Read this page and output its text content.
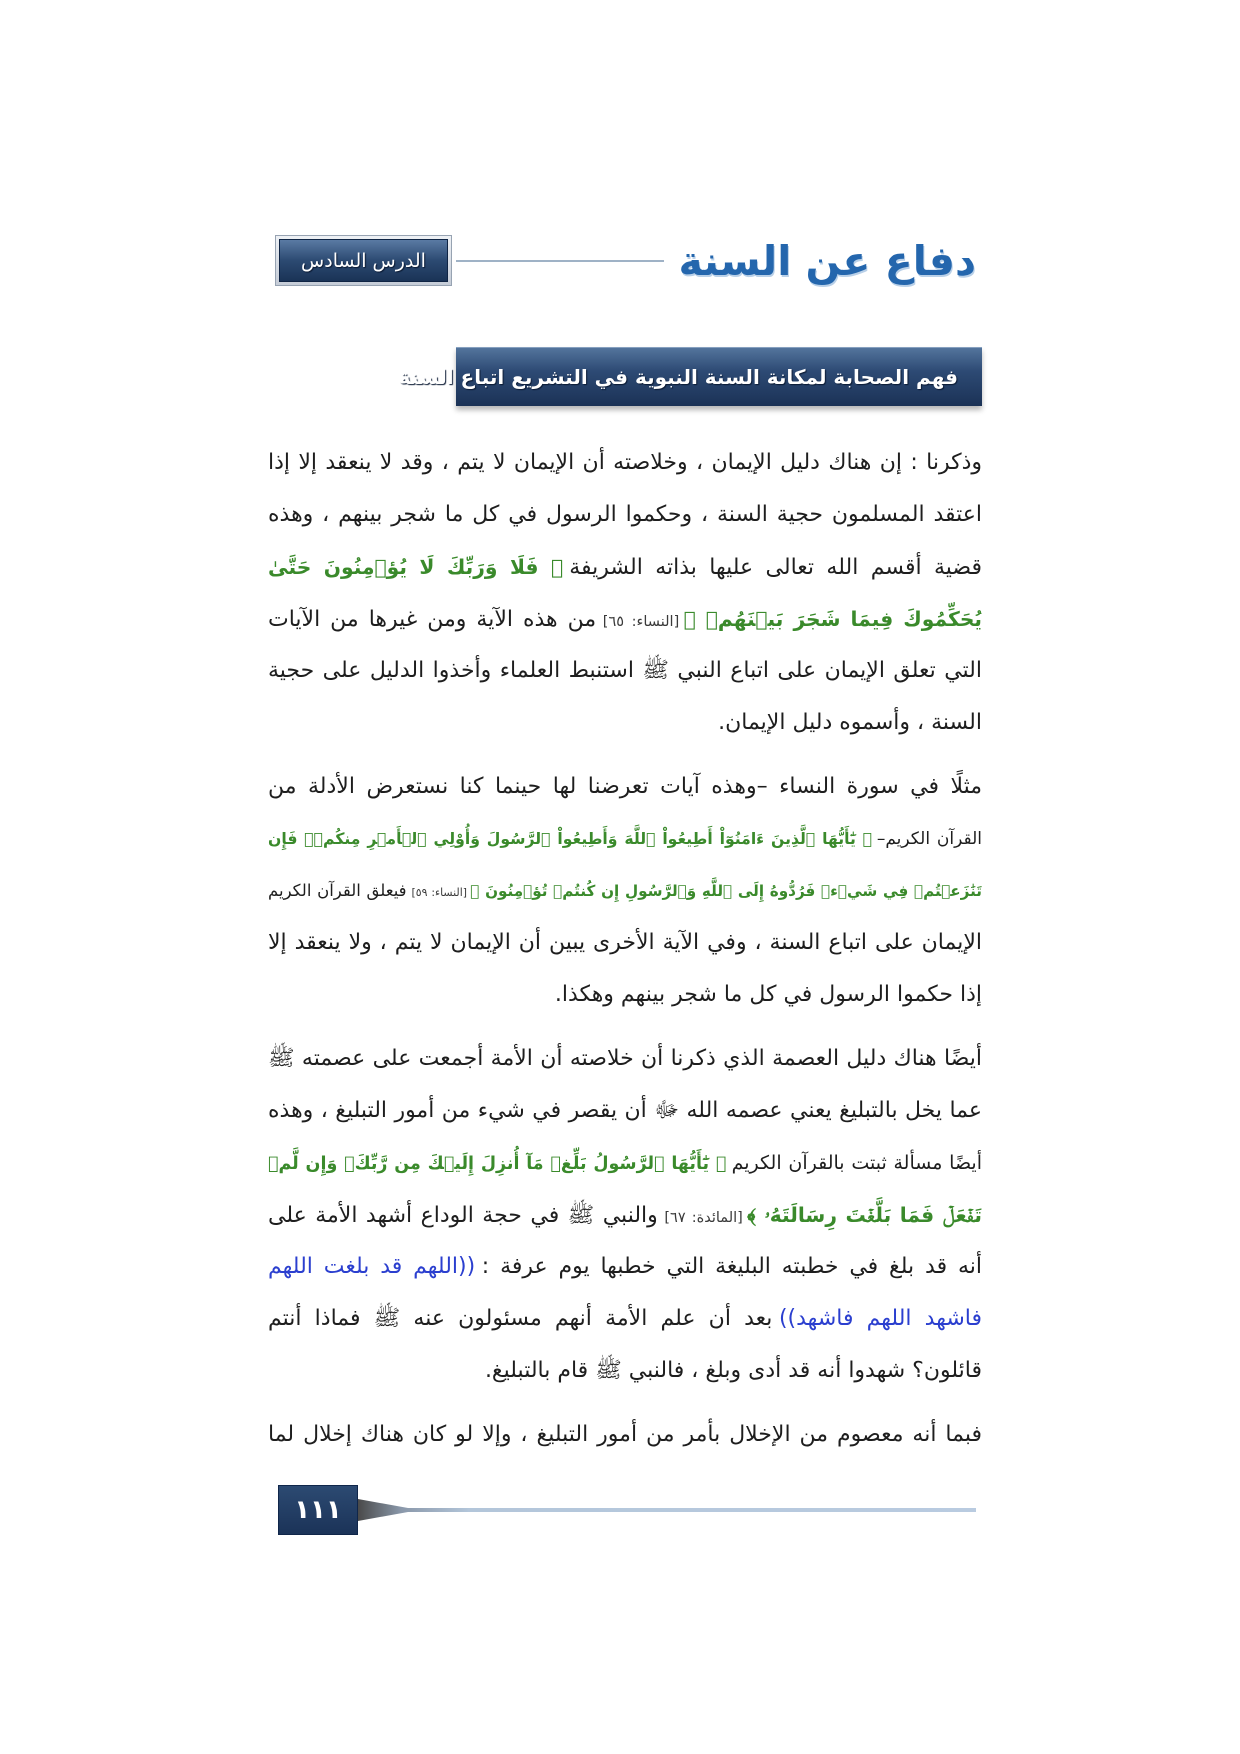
دفاع عن السنة
الدرس السادس
فهم الصحابة لمكانة السنة النبوية في التشريع اتباع السنة
وذكرنا : إن هناك دليل الإيمان ، وخلاصته أن الإيمان لا يتم ، وقد لا ينعقد إلا إذا
اعتقد المسلمون حجية السنة ، وحكموا الرسول في كل ما شجر بينهم ، وهذه
قضية أقسم الله تعالى عليها بذاته الشريفة﴿ فَلَا وَرَبِّكَ لَا يُؤۡمِنُونَ حَتَّىٰ
يُحَكِّمُوكَ فِيمَا شَجَرَ بَيۡنَهُمۡ ﴾[النساء: ٦٥]من هذه الآية ومن غيرها من الآيات
التي تعلق الإيمان على اتباع النبي ﷺ استنبط العلماء وأخذوا الدليل على حجية
السنة ، وأسموه دليل الإيمان.
مثلًا في سورة النساء –وهذه آيات تعرضنا لها حينما كنا نستعرض الأدلة من
القرآن الكريم–﴿ يَٰٓأَيُّهَا ٱلَّذِينَ ءَامَنُوٓاْ أَطِيعُواْ ٱللَّهَ وَأَطِيعُواْ ٱلرَّسُولَ وَأُوْلِي ٱلۡأَمۡرِ مِنكُمۡۖ فَإِن
تَنَٰزَعۡتُمۡ فِي شَيۡءٖ فَرُدُّوهُ إِلَى ٱللَّهِ وَٱلرَّسُولِ إِن كُنتُمۡ تُؤۡمِنُونَ ﴾[النساء: ٥٩]فيعلق القرآن الكريم
الإيمان على اتباع السنة ، وفي الآية الأخرى يبين أن الإيمان لا يتم ، ولا ينعقد إلا
إذا حكموا الرسول في كل ما شجر بينهم وهكذا.
أيضًا هناك دليل العصمة الذي ذكرنا أن خلاصته أن الأمة أجمعت على عصمته ﷺ
عما يخل بالتبليغ يعني عصمه الله ﷻ أن يقصر في شيء من أمور التبليغ ، وهذه
أيضًا مسألة ثبتت بالقرآن الكريم﴿ يَٰٓأَيُّهَا ٱلرَّسُولُ بَلِّغۡ مَآ أُنزِلَ إِلَيۡكَ مِن رَّبِّكَۖ وَإِن لَّمۡ
تَفۡعَلۡ فَمَا بَلَّغۡتَ رِسَالَتَهُۥ ﴾[المائدة: ٦٧]والنبي ﷺ في حجة الوداع أشهد الأمة على
أنه قد بلغ في خطبته البليغة التي خطبها يوم عرفة :((اللهم قد بلغت اللهم
فاشهد اللهم فاشهد))بعد أن علم الأمة أنهم مسئولون عنه ﷺ فماذا أنتم
قائلون؟ شهدوا أنه قد أدى وبلغ ، فالنبي ﷺ قام بالتبليغ.
فبما أنه معصوم من الإخلال بأمر من أمور التبليغ ، وإلا لو كان هناك إخلال لما
١١١
